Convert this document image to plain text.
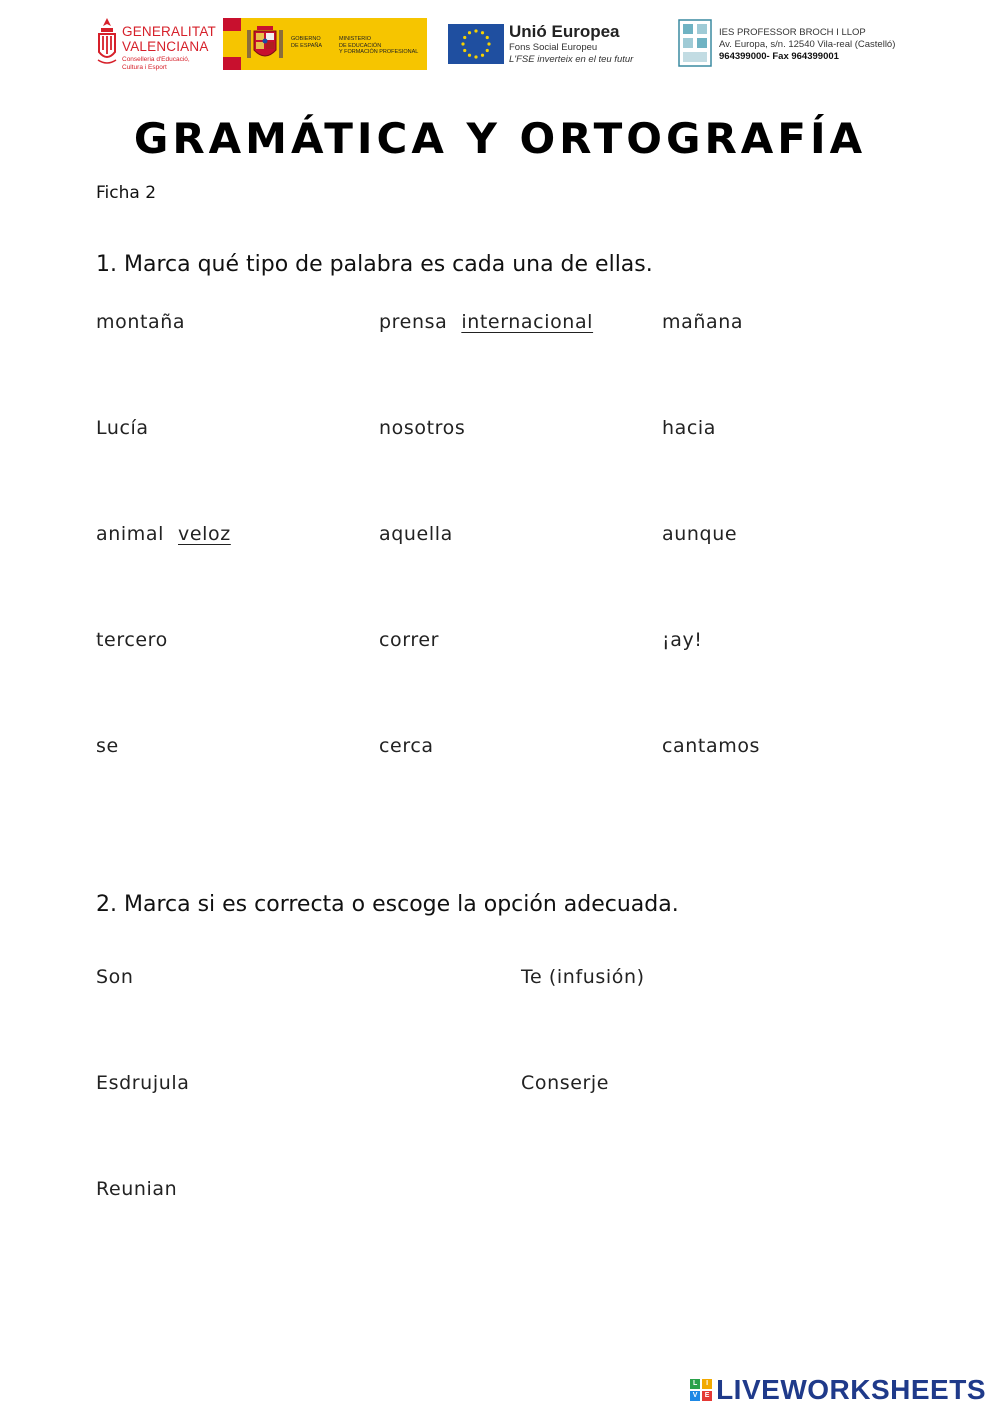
GENERALITAT
VALENCIANA
Conselleria d'Educació,
Cultura i Esport
GOBIERNO
DE ESPAÑA
MINISTERIO
DE EDUCACIÓN
Y FORMACIÓN PROFESIONAL
Unió Europea
Fons Social Europeu
L'FSE inverteix en el teu futur
IES PROFESSOR BROCH I LLOP
Av. Europa, s/n. 12540 Vila-real (Castelló)
964399000- Fax 964399001
GRAMÁTICA Y ORTOGRAFÍA
Ficha 2
1. Marca qué tipo de palabra es cada una de ellas.
montaña	prensa internacional	mañana
Lucía	nosotros	hacia
animal veloz	aquella	aunque
tercero	correr	¡ay!
se	cerca	cantamos
2. Marca si es correcta o escoge la opción adecuada.
Son	Te (infusión)
Esdrujula	Conserje
Reunian
L	I
V	E LIVEWORKSHEETS
